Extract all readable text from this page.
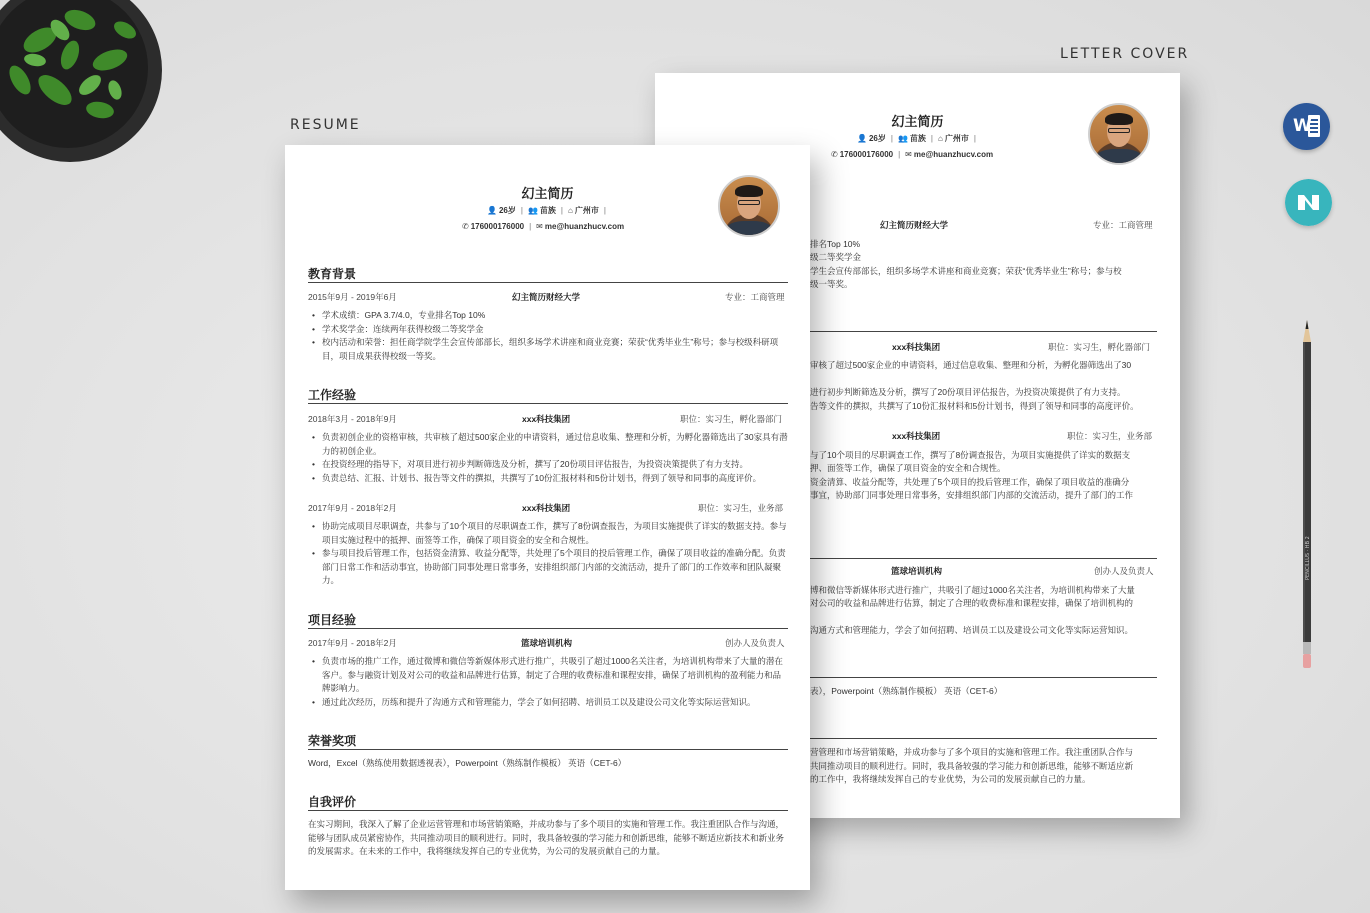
RESUME
LETTER COVER
W
PENCILLUS · HB 2
幻主简历
👤 26岁 | 👥 苗族 | ⌂ 广州市 |
✆ 176000176000 | ✉ me@huanzhucv.com
幻主简历财经大学	专业：工商管理

排名Top 10%

级二等奖学金

学生会宣传部部长，组织多场学术讲座和商业竞赛；荣获“优秀毕业生”称号；参与校

级一等奖。

xxx科技集团	职位：实习生，孵化器部门

审核了超过500家企业的申请资料，通过信息收集、整理和分析，为孵化器筛选出了30

进行初步判断筛选及分析，撰写了20份项目评估报告，为投资决策提供了有力支持。

告等文件的撰拟，共撰写了10份汇报材料和5份计划书，得到了领导和同事的高度评价。

xxx科技集团	职位：实习生，业务部

与了10个项目的尽职调查工作，撰写了8份调查报告，为项目实施提供了详实的数据支

押、面签等工作，确保了项目资金的安全和合规性。

资金清算、收益分配等，共处理了5个项目的投后管理工作，确保了项目收益的准确分

事宜，协助部门同事处理日常事务，安排组织部门内部的交流活动，提升了部门的工作

篮球培训机构	创办人及负责人

博和微信等新媒体形式进行推广，共吸引了超过1000名关注者，为培训机构带来了大量

对公司的收益和品牌进行估算，制定了合理的收费标准和课程安排，确保了培训机构的

沟通方式和管理能力，学会了如何招聘、培训员工以及建设公司文化等实际运营知识。

表），Powerpoint（熟练制作模板） 英语（CET-6）

营管理和市场营销策略，并成功参与了多个项目的实施和管理工作。我注重团队合作与

共同推动项目的顺利进行。同时，我具备较强的学习能力和创新思维，能够不断适应新

的工作中，我将继续发挥自己的专业优势，为公司的发展贡献自己的力量。

幻主简历
👤 26岁 | 👥 苗族 | ⌂ 广州市 |
✆ 176000176000 | ✉ me@huanzhucv.com
教育背景
2015年9月 - 2019年6月	幻主简历财经大学	专业：工商管理
• 学术成绩：GPA 3.7/4.0，专业排名Top 10%
• 学术奖学金：连续两年获得校级二等奖学金
• 校内活动和荣誉：担任商学院学生会宣传部部长，组织多场学术讲座和商业竞赛；荣获“优秀毕业生”称号；参与校级科研项目，项目成果获得校级一等奖。
工作经验
2018年3月 - 2018年9月	xxx科技集团	职位：实习生，孵化器部门
• 负责初创企业的资格审核，共审核了超过500家企业的申请资料，通过信息收集、整理和分析，为孵化器筛选出了30家具有潜力的初创企业。
• 在投资经理的指导下，对项目进行初步判断筛选及分析，撰写了20份项目评估报告，为投资决策提供了有力支持。
• 负责总结、汇报、计划书、报告等文件的撰拟，共撰写了10份汇报材料和5份计划书，得到了领导和同事的高度评价。
2017年9月 - 2018年2月	xxx科技集团	职位：实习生，业务部
• 协助完成项目尽职调查，共参与了10个项目的尽职调查工作，撰写了8份调查报告，为项目实施提供了详实的数据支持。参与项目实施过程中的抵押、面签等工作，确保了项目资金的安全和合规性。
• 参与项目投后管理工作，包括资金清算、收益分配等，共处理了5个项目的投后管理工作，确保了项目收益的准确分配。负责部门日常工作和活动事宜，协助部门同事处理日常事务，安排组织部门内部的交流活动，提升了部门的工作效率和团队凝聚力。
项目经验
2017年9月 - 2018年2月	篮球培训机构	创办人及负责人
• 负责市场的推广工作，通过微博和微信等新媒体形式进行推广，共吸引了超过1000名关注者，为培训机构带来了大量的潜在客户。参与融资计划及对公司的收益和品牌进行估算，制定了合理的收费标准和课程安排，确保了培训机构的盈利能力和品牌影响力。
• 通过此次经历，历练和提升了沟通方式和管理能力，学会了如何招聘、培训员工以及建设公司文化等实际运营知识。
荣誉奖项

Word，Excel（熟练使用数据透视表），Powerpoint（熟练制作模板） 英语（CET-6）

自我评价

在实习期间，我深入了解了企业运营管理和市场营销策略，并成功参与了多个项目的实施和管理工作。我注重团队合作与沟通，能够与团队成员紧密协作，共同推动项目的顺利进行。同时，我具备较强的学习能力和创新思维，能够不断适应新技术和新业务的发展需求。在未来的工作中，我将继续发挥自己的专业优势，为公司的发展贡献自己的力量。
